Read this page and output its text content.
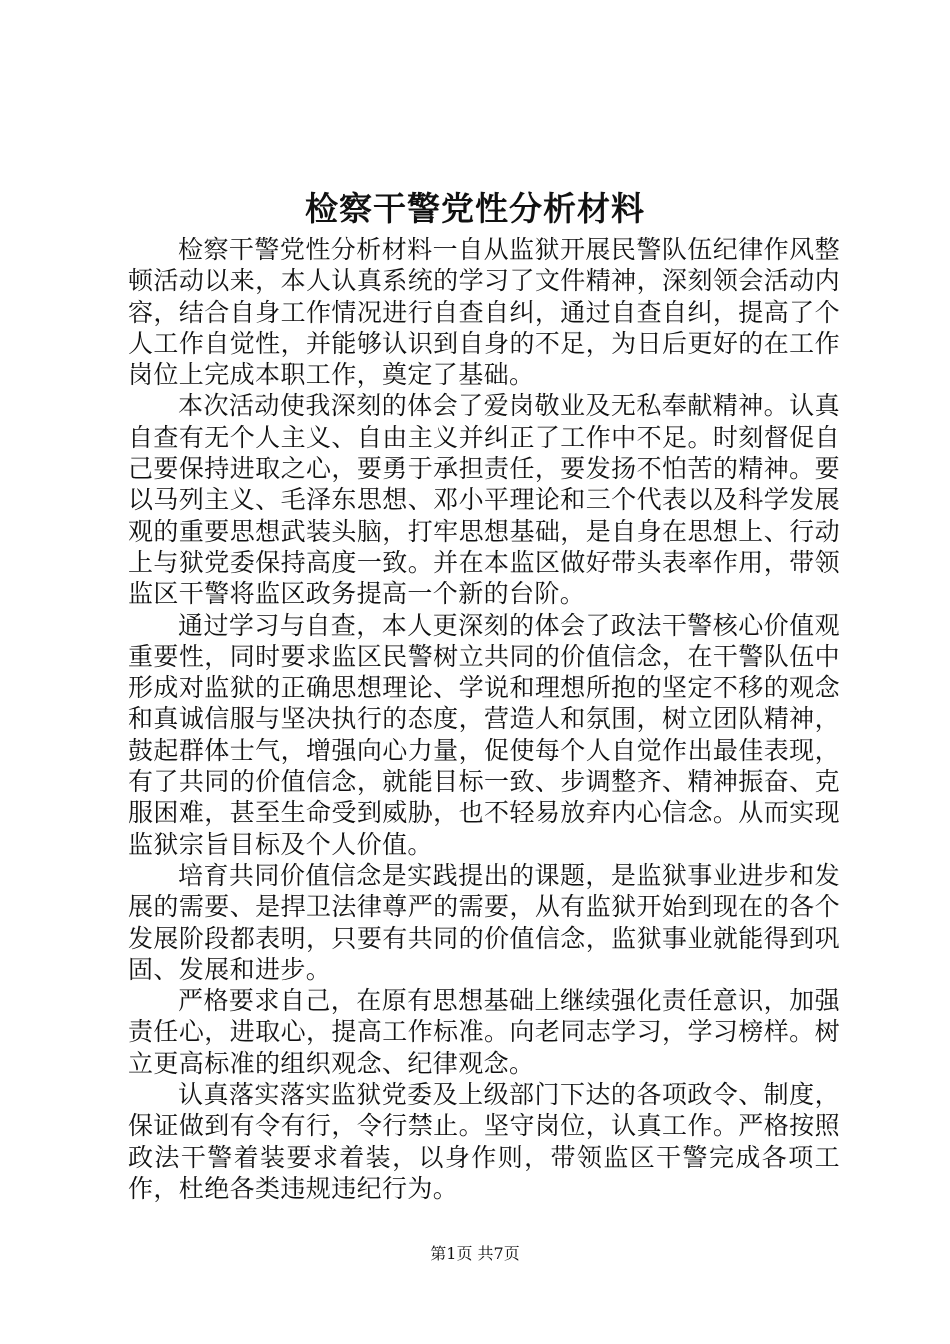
检察干警党性分析材料

检察干警党性分析材料一自从监狱开展民警队伍纪律作风整顿活动以来，本人认真系统的学习了文件精神，深刻领会活动内容，结合自身工作情况进行自查自纠，通过自查自纠，提高了个人工作自觉性，并能够认识到自身的不足，为日后更好的在工作岗位上完成本职工作，奠定了基础。

本次活动使我深刻的体会了爱岗敬业及无私奉献精神。认真自查有无个人主义、自由主义并纠正了工作中不足。时刻督促自己要保持进取之心，要勇于承担责任，要发扬不怕苦的精神。要以马列主义、毛泽东思想、邓小平理论和三个代表以及科学发展观的重要思想武装头脑，打牢思想基础，是自身在思想上、行动上与狱党委保持高度一致。并在本监区做好带头表率作用，带领监区干警将监区政务提高一个新的台阶。

通过学习与自查，本人更深刻的体会了政法干警核心价值观重要性，同时要求监区民警树立共同的价值信念，在干警队伍中形成对监狱的正确思想理论、学说和理想所抱的坚定不移的观念和真诚信服与坚决执行的态度，营造人和氛围，树立团队精神，鼓起群体士气，增强向心力量，促使每个人自觉作出最佳表现，有了共同的价值信念，就能目标一致、步调整齐、精神振奋、克服困难，甚至生命受到威胁，也不轻易放弃内心信念。从而实现监狱宗旨目标及个人价值。

培育共同价值信念是实践提出的课题，是监狱事业进步和发展的需要、是捍卫法律尊严的需要，从有监狱开始到现在的各个发展阶段都表明，只要有共同的价值信念，监狱事业就能得到巩固、发展和进步。

严格要求自己，在原有思想基础上继续强化责任意识，加强责任心，进取心，提高工作标准。向老同志学习，学习榜样。树立更高标准的组织观念、纪律观念。

认真落实落实监狱党委及上级部门下达的各项政令、制度，保证做到有令有行，令行禁止。坚守岗位，认真工作。严格按照政法干警着装要求着装，以身作则，带领监区干警完成各项工作，杜绝各类违规违纪行为。

第1页 共7页
